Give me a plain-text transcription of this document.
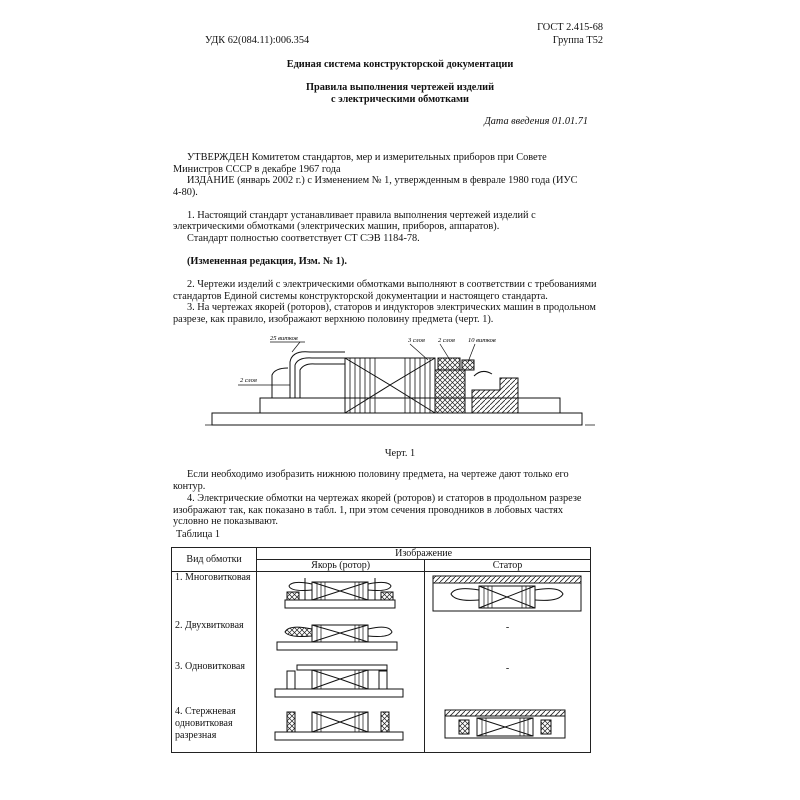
ГОСТ 2.415-68
УДК 62(084.11):006.354	Группа Т52
Единая система конструкторской документации
Правила выполнения чертежей изделий
с электрическими обмотками
Дата введения 01.01.71
УТВЕРЖДЕН Комитетом стандартов, мер и измерительных приборов при Совете
Министров СССР в декабре 1967 года
ИЗДАНИЕ (январь 2002 г.) с Изменением № 1, утвержденным в феврале 1980 года (ИУС
4-80).
1. Настоящий стандарт устанавливает правила выполнения чертежей изделий с
электрическими обмотками (электрических машин, приборов, аппаратов).
Стандарт полностью соответствует СТ СЭВ 1184-78.
(Измененная редакция, Изм. № 1).
2. Чертежи изделий с электрическими обмотками выполняют в соответствии с требованиями
стандартов Единой системы конструкторской документации и настоящего стандарта.
3. На чертежах якорей (роторов), статоров и индукторов электрических машин в продольном
разрезе, как правило, изображают верхнюю половину предмета (черт. 1).
25 витков	3 слоя 2 слоя 10 витков
2 слоя
Черт. 1
Если необходимо изобразить нижнюю половину предмета, на чертеже дают только его
контур.
4. Электрические обмотки на чертежах якорей (роторов) и статоров в продольном разрезе
изображают так, как показано в табл. 1, при этом сечения проводников в лобовых частях
условно не показывают.
Таблица 1
Вид обмотки	Изображение	
	Якорь (ротор)	Статор
1. Многовитковая		
2. Двухвитковая		-
3. Одновитковая		-

4. Стержневая
одновитковая
разрезная
